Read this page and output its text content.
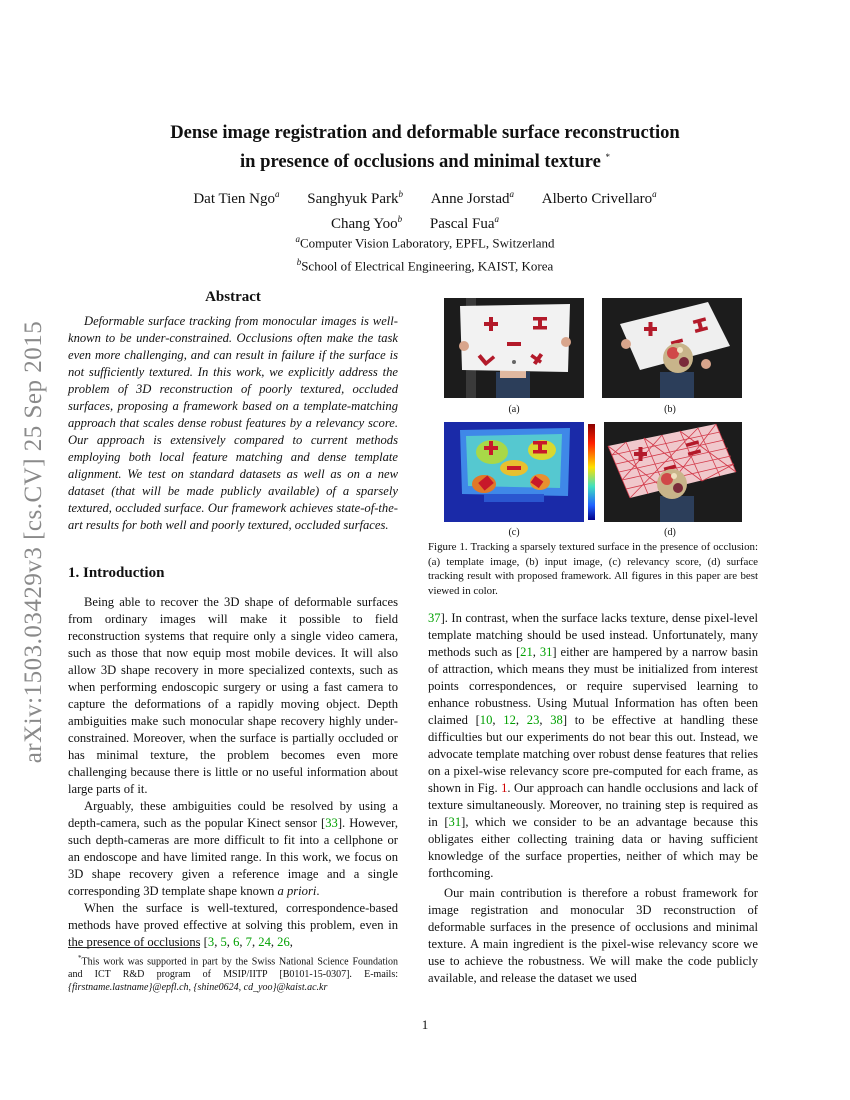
arXiv:1503.03429v3 [cs.CV] 25 Sep 2015
Dense image registration and deformable surface reconstruction
in presence of occlusions and minimal texture *
Dat Tien Ngo$^a$ Sanghyuk Park$^b$ Anne Jorstad$^a$ Alberto Crivellaro$^a$
Chang Yoo$^b$ Pascal Fua$^a$
$^a$Computer Vision Laboratory, EPFL, Switzerland
$^b$School of Electrical Engineering, KAIST, Korea
Abstract
Deformable surface tracking from monocular images is well-known to be under-constrained. Occlusions often make the task even more challenging, and can result in failure if the surface is not sufficiently textured. In this work, we explicitly address the problem of 3D reconstruction of poorly textured, occluded surfaces, proposing a framework based on a template-matching approach that scales dense robust features by a relevancy score. Our approach is extensively compared to current methods employing both local feature matching and dense template alignment. We test on standard datasets as well as on a new dataset (that will be made publicly available) of a sparsely textured, occluded surface. Our framework achieves state-of-the-art results for both well and poorly textured, occluded surfaces.
1. Introduction

Being able to recover the 3D shape of deformable surfaces from ordinary images will make it possible to field reconstruction systems that require only a single video camera, such as those that now equip most mobile devices. It will also allow 3D shape recovery in more specialized contexts, such as when performing endoscopic surgery or using a fast camera to capture the deformations of a rapidly moving object. Depth ambiguities make such monocular shape recovery highly under-constrained. Moreover, when the surface is partially occluded or has minimal texture, the problem becomes even more challenging because there is little or no useful information about large parts of it.

Arguably, these ambiguities could be resolved by using a depth-camera, such as the popular Kinect sensor [33]. However, such depth-cameras are more difficult to fit into a cellphone or an endoscope and have limited range. In this work, we focus on 3D shape recovery given a reference image and a single corresponding 3D template shape known a priori.

When the surface is well-textured, correspondence-based methods have proved effective at solving this problem, even in the presence of occlusions [3, 5, 6, 7, 24, 26,

*This work was supported in part by the Swiss National Science Foundation and ICT R&D program of MSIP/IITP [B0101-15-0307]. E-mails: {firstname.lastname}@epfl.ch, {shine0624, cd_yoo}@kaist.ac.kr
(a)	(b)
(c)	(d)
Figure 1. Tracking a sparsely textured surface in the presence of occlusion: (a) template image, (b) input image, (c) relevancy score, (d) surface tracking result with proposed framework. All figures in this paper are best viewed in color.

37]. In contrast, when the surface lacks texture, dense pixel-level template matching should be used instead. Unfortunately, many methods such as [21, 31] either are hampered by a narrow basin of attraction, which means they must be initialized from interest points correspondences, or require supervised learning to enhance robustness. Using Mutual Information has often been claimed [10, 12, 23, 38] to be effective at handling these difficulties but our experiments do not bear this out. Instead, we advocate template matching over robust dense features that relies on a pixel-wise relevancy score pre-computed for each frame, as shown in Fig. 1. Our approach can handle occlusions and lack of texture simultaneously. Moreover, no training step is required as in [31], which we consider to be an advantage because this obligates either collecting training data or having sufficient knowledge of the surface properties, neither of which may be forthcoming.

Our main contribution is therefore a robust framework for image registration and monocular 3D reconstruction of deformable surfaces in the presence of occlusions and minimal texture. A main ingredient is the pixel-wise relevancy score we use to achieve the robustness. We will make the code publicly available, and release the dataset we used

1
